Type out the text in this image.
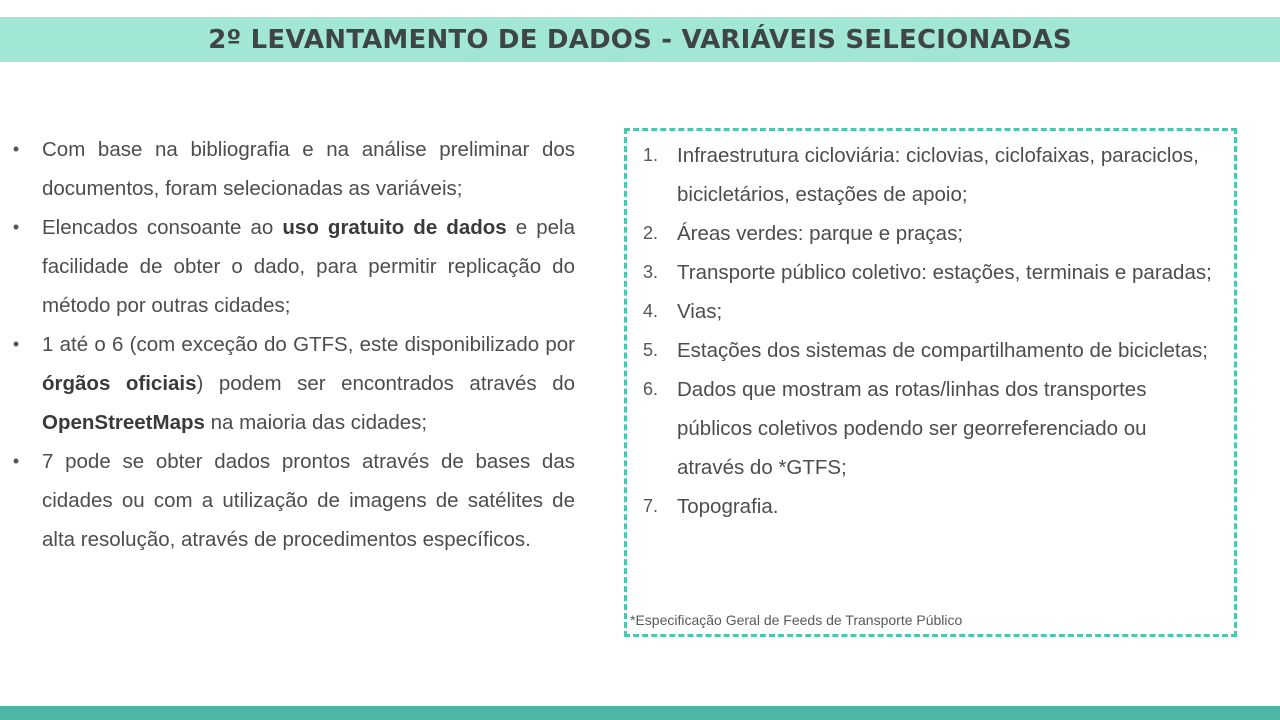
2º LEVANTAMENTO DE DADOS - VARIÁVEIS SELECIONADAS
• Com base na bibliografia e na análise preliminar dos documentos, foram selecionadas as variáveis;
• Elencados consoante ao uso gratuito de dados e pela facilidade de obter o dado, para permitir replicação do método por outras cidades;
• 1 até o 6 (com exceção do GTFS, este disponibilizado por órgãos oficiais) podem ser encontrados através do OpenStreetMaps na maioria das cidades;
• 7 pode se obter dados prontos através de bases das cidades ou com a utilização de imagens de satélites de alta resolução, através de procedimentos específicos.
1. Infraestrutura cicloviária: ciclovias, ciclofaixas, paraciclos, bicicletários, estações de apoio;
2. Áreas verdes: parque e praças;
3. Transporte público coletivo: estações, terminais e paradas;
4. Vias;
5. Estações dos sistemas de compartilhamento de bicicletas;
6. Dados que mostram as rotas/linhas dos transportes públicos coletivos podendo ser georreferenciado ou através do *GTFS;
7. Topografia.
*Especificação Geral de Feeds de Transporte Público
